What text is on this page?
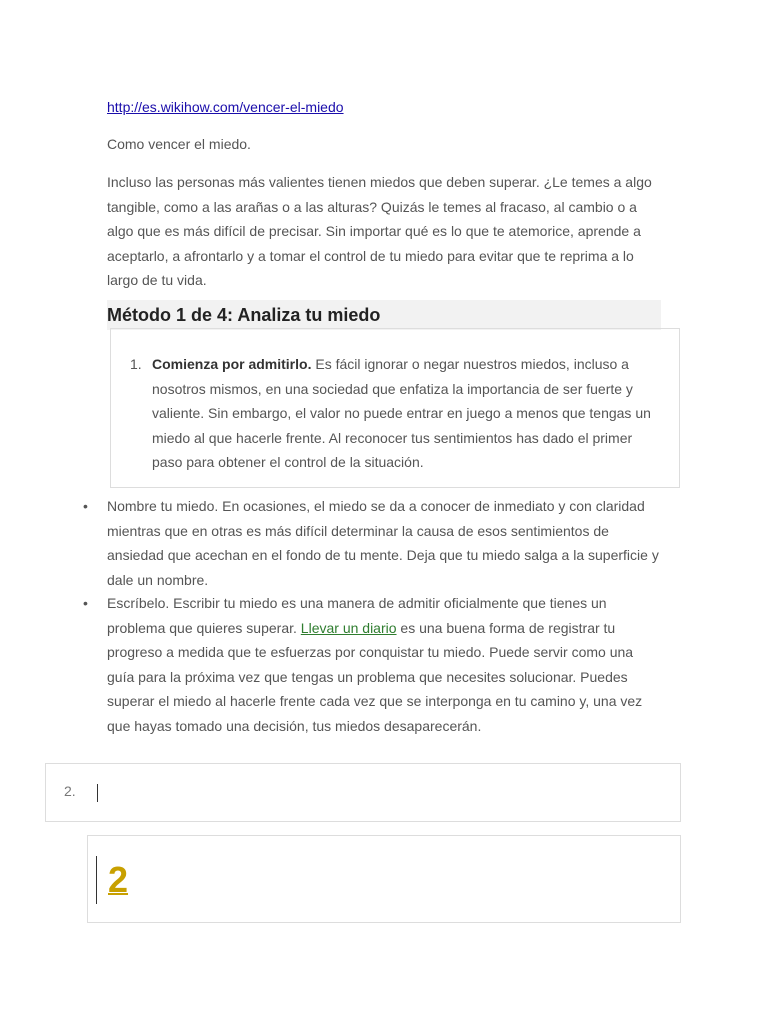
http://es.wikihow.com/vencer-el-miedo

Como vencer el miedo.

Incluso las personas más valientes tienen miedos que deben superar. ¿Le temes a algo tangible, como a las arañas o a las alturas? Quizás le temes al fracaso, al cambio o a algo que es más difícil de precisar. Sin importar qué es lo que te atemorice, aprende a aceptarlo, a afrontarlo y a tomar el control de tu miedo para evitar que te reprima a lo largo de tu vida.

Método 1 de 4: Analiza tu miedo
1. Comienza por admitirlo. Es fácil ignorar o negar nuestros miedos, incluso a nosotros mismos, en una sociedad que enfatiza la importancia de ser fuerte y valiente. Sin embargo, el valor no puede entrar en juego a menos que tengas un miedo al que hacerle frente. Al reconocer tus sentimientos has dado el primer paso para obtener el control de la situación.

• Nombre tu miedo. En ocasiones, el miedo se da a conocer de inmediato y con claridad mientras que en otras es más difícil determinar la causa de esos sentimientos de ansiedad que acechan en el fondo de tu mente. Deja que tu miedo salga a la superficie y dale un nombre.

• Escríbelo. Escribir tu miedo es una manera de admitir oficialmente que tienes un problema que quieres superar. Llevar un diario es una buena forma de registrar tu progreso a medida que te esfuerzas por conquistar tu miedo. Puede servir como una guía para la próxima vez que tengas un problema que necesites solucionar. Puedes superar el miedo al hacerle frente cada vez que se interponga en tu camino y, una vez que hayas tomado una decisión, tus miedos desaparecerán.

2.
2
